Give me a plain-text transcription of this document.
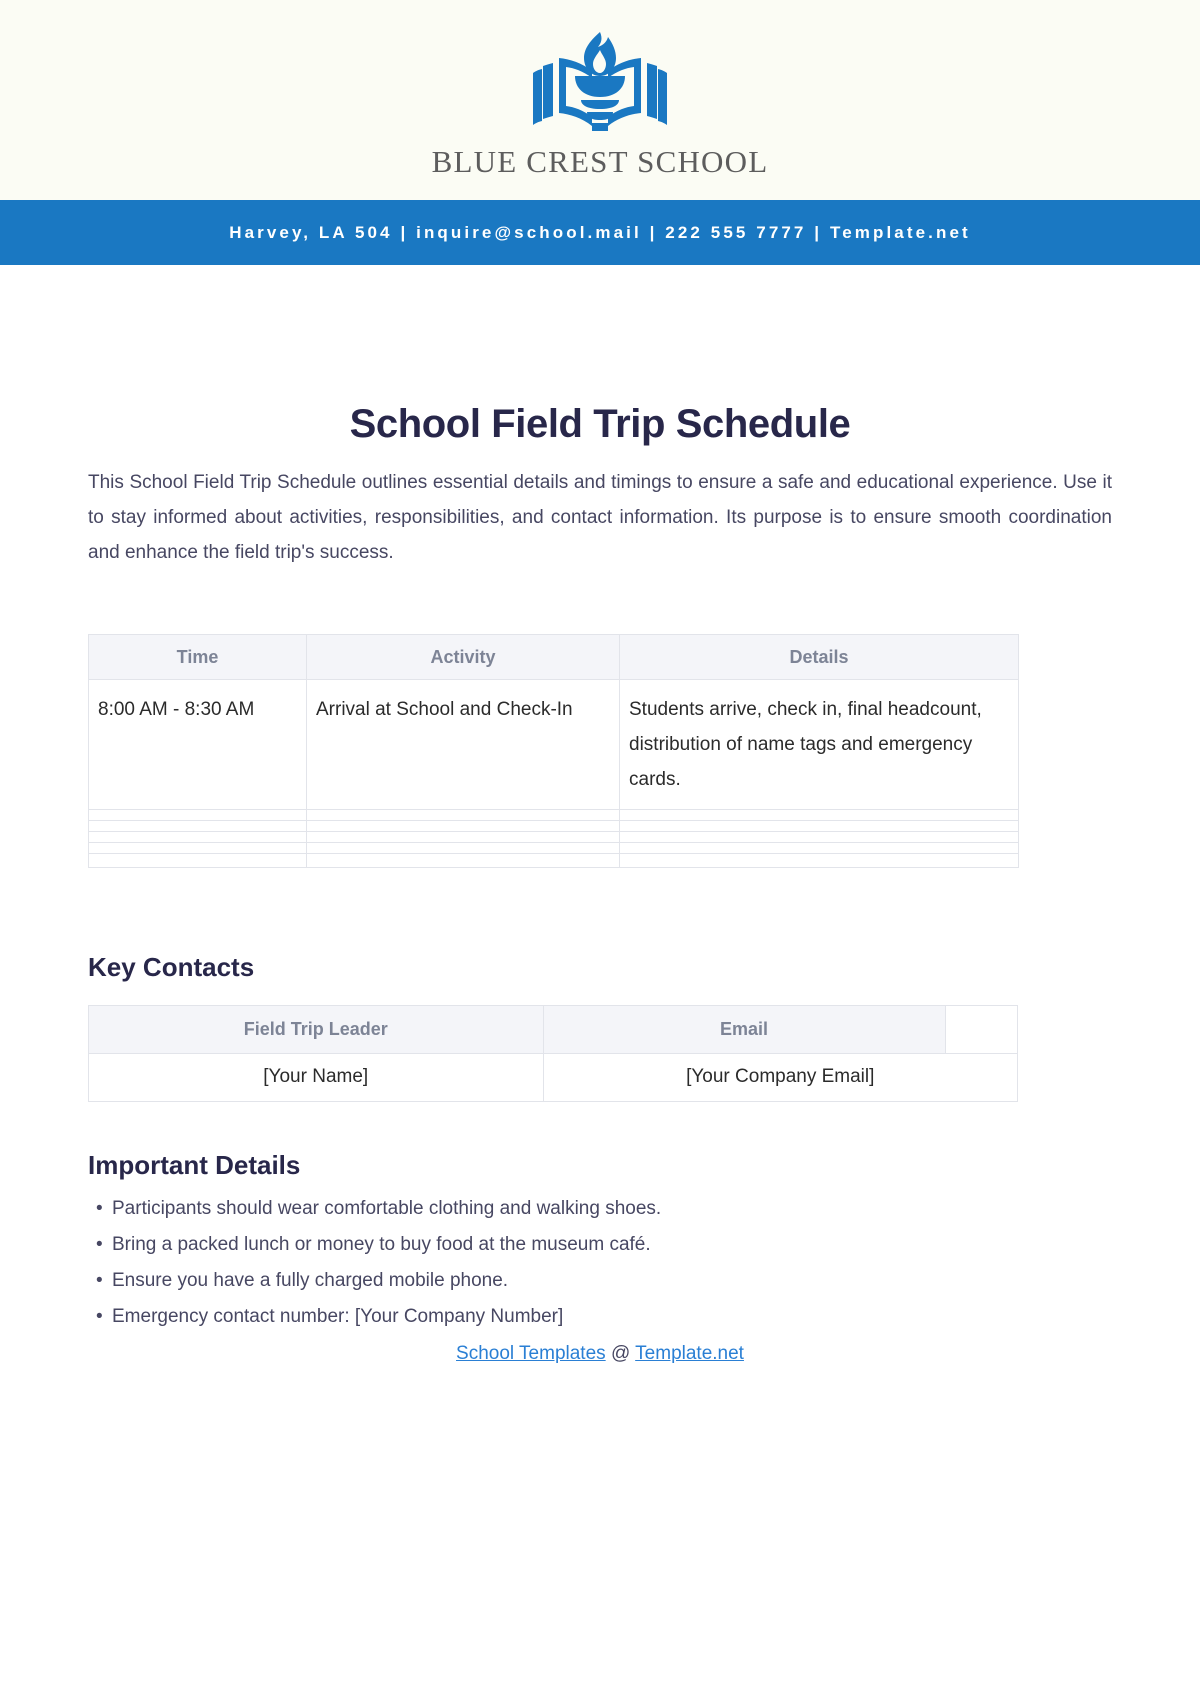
BLUE CREST SCHOOL
Harvey, LA 504 | inquire@school.mail | 222 555 7777 | Template.net
School Field Trip Schedule

This School Field Trip Schedule outlines essential details and timings to ensure a safe and educational experience. Use it to stay informed about activities, responsibilities, and contact information. Its purpose is to ensure smooth coordination and enhance the field trip's success.

Time	Activity	Details
8:00 AM - 8:30 AM	Arrival at School and Check-In	Students arrive, check in, final headcount, distribution of name tags and emergency cards.

Key Contacts
Field Trip Leader	Email	
[Your Name]	[Your Company Email]	
Important Details
• Participants should wear comfortable clothing and walking shoes.
• Bring a packed lunch or money to buy food at the museum café.
• Ensure you have a fully charged mobile phone.
• Emergency contact number: [Your Company Number]
School Templates @ Template.net
